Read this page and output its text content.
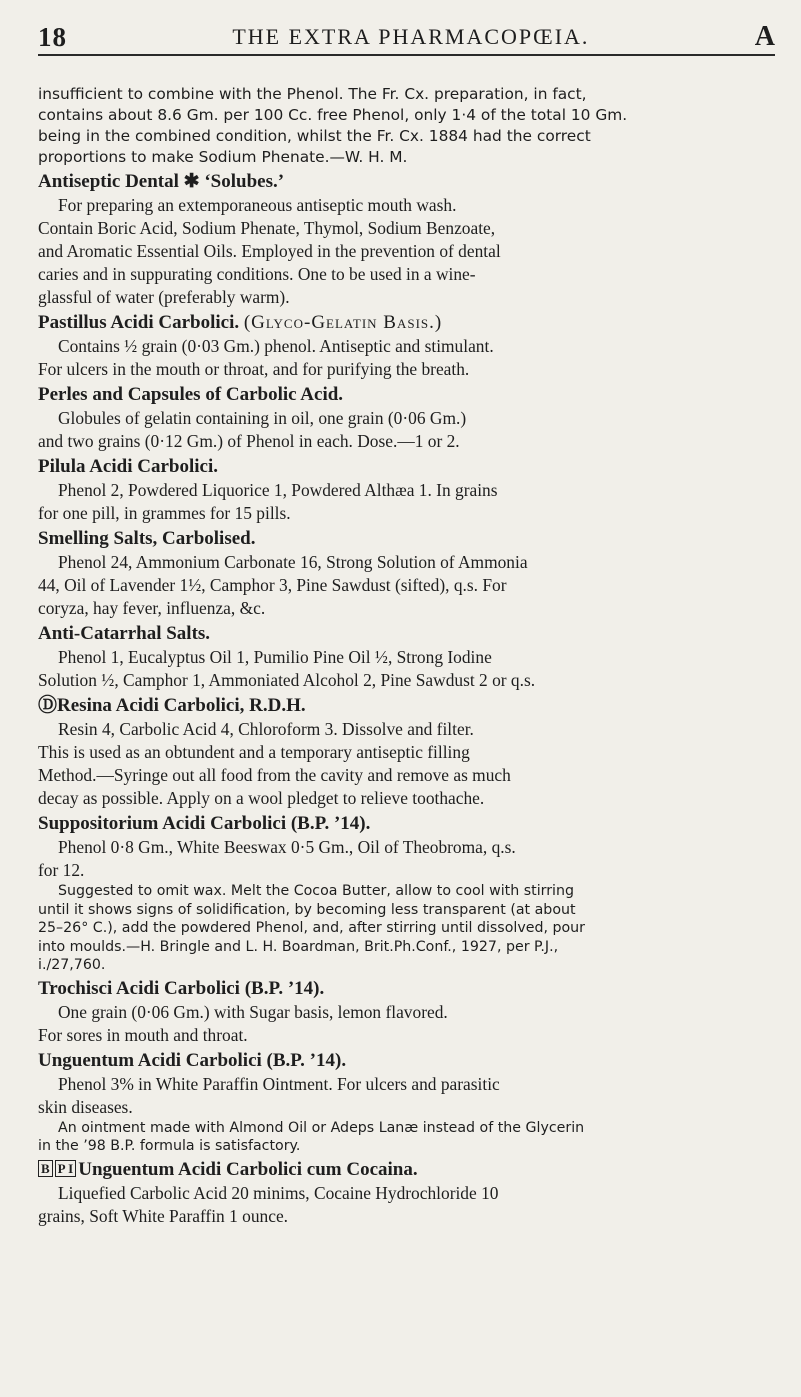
18	THE EXTRA PHARMACOPŒIA.	A

insufficient to combine with the Phenol. The Fr. Cx. preparation, in fact,

contains about 8.6 Gm. per 100 Cc. free Phenol, only 1·4 of the total 10 Gm.

being in the combined condition, whilst the Fr. Cx. 1884 had the correct

proportions to make Sodium Phenate.—W. H. M.

Antiseptic Dental ✱ ‘Solubes.’
For preparing an extemporaneous antiseptic mouth wash.
Contain Boric Acid, Sodium Phenate, Thymol, Sodium Benzoate,
and Aromatic Essential Oils. Employed in the prevention of dental
caries and in suppurating conditions. One to be used in a wine-
glassful of water (preferably warm).
Pastillus Acidi Carbolici. (Glyco-Gelatin Basis.)
Contains ½ grain (0·03 Gm.) phenol. Antiseptic and stimulant.
For ulcers in the mouth or throat, and for purifying the breath.
Perles and Capsules of Carbolic Acid.
Globules of gelatin containing in oil, one grain (0·06 Gm.)
and two grains (0·12 Gm.) of Phenol in each. Dose.—1 or 2.
Pilula Acidi Carbolici.
Phenol 2, Powdered Liquorice 1, Powdered Althæa 1. In grains
for one pill, in grammes for 15 pills.
Smelling Salts, Carbolised.
Phenol 24, Ammonium Carbonate 16, Strong Solution of Ammonia
44, Oil of Lavender 1½, Camphor 3, Pine Sawdust (sifted), q.s. For
coryza, hay fever, influenza, &c.
Anti-Catarrhal Salts.
Phenol 1, Eucalyptus Oil 1, Pumilio Pine Oil ½, Strong Iodine
Solution ½, Camphor 1, Ammoniated Alcohol 2, Pine Sawdust 2 or q.s.
ⒹResina Acidi Carbolici, R.D.H.
Resin 4, Carbolic Acid 4, Chloroform 3. Dissolve and filter.
This is used as an obtundent and a temporary antiseptic filling
Method.—Syringe out all food from the cavity and remove as much
decay as possible. Apply on a wool pledget to relieve toothache.
Suppositorium Acidi Carbolici (B.P. ’14).
Phenol 0·8 Gm., White Beeswax 0·5 Gm., Oil of Theobroma, q.s.
for 12.
Suggested to omit wax. Melt the Cocoa Butter, allow to cool with stirring
until it shows signs of solidification, by becoming less transparent (at about
25–26° C.), add the powdered Phenol, and, after stirring until dissolved, pour
into moulds.—H. Bringle and L. H. Boardman, Brit.Ph.Conf., 1927, per P.J.,
i./27,760.
Trochisci Acidi Carbolici (B.P. ’14).
One grain (0·06 Gm.) with Sugar basis, lemon flavored.
For sores in mouth and throat.
Unguentum Acidi Carbolici (B.P. ’14).
Phenol 3% in White Paraffin Ointment. For ulcers and parasitic
skin diseases.
An ointment made with Almond Oil or Adeps Lanæ instead of the Glycerin
in the ’98 B.P. formula is satisfactory.
B P I Unguentum Acidi Carbolici cum Cocaina.
Liquefied Carbolic Acid 20 minims, Cocaine Hydrochloride 10
grains, Soft White Paraffin 1 ounce.
